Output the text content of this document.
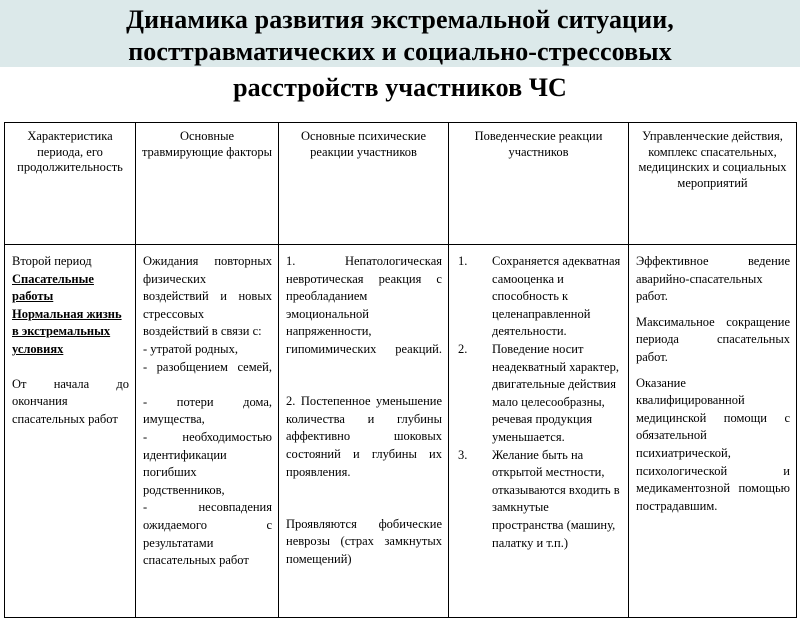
Динамика развития экстремальной ситуации,
посттравматических и социально-стрессовых
расстройств участников ЧС
Характеристика периода, его продолжительность	Основные травмирующие факторы	Основные психические реакции участников	Поведенческие реакции участников	Управленческие действия, комплекс спасательных, медицинских и социальных мероприятий

Второй период
Спасательные работы
Нормальная жизнь
в экстремальных
условиях
От начала до окончания спасательных работ

Ожидания повторных физических воздействий и новых стрессовых воздействий в связи с:
- утратой родных,
- разобщением семей,
- потери дома, имущества,
- необходимостью идентификации погибших родственников,
- несовпадения ожидаемого с результатами спасательных работ

1. Непатологическая невротическая реакция с преобладанием эмоциональной напряженности, гипомимических реакций.
2. Постепенное уменьшение количества и глубины аффективно шоковых состояний и глубины их проявления.
Проявляются фобические неврозы (страх замкнутых помещений)

1. Сохраняется адекватная самооценка и способность к целенаправленной деятельности.
2. Поведение носит неадекватный характер, двигательные действия мало целесообразны, речевая продукция уменьшается.
3. Желание быть на открытой местности, отказываются входить в замкнутые пространства (машину, палатку и т.п.)

Эффективное ведение аварийно-спасательных работ.
Максимальное сокращение периода спасательных работ.
Оказание квалифицированной медицинской помощи с обязательной психиатрической, психологической и медикаментозной помощью пострадавшим.
